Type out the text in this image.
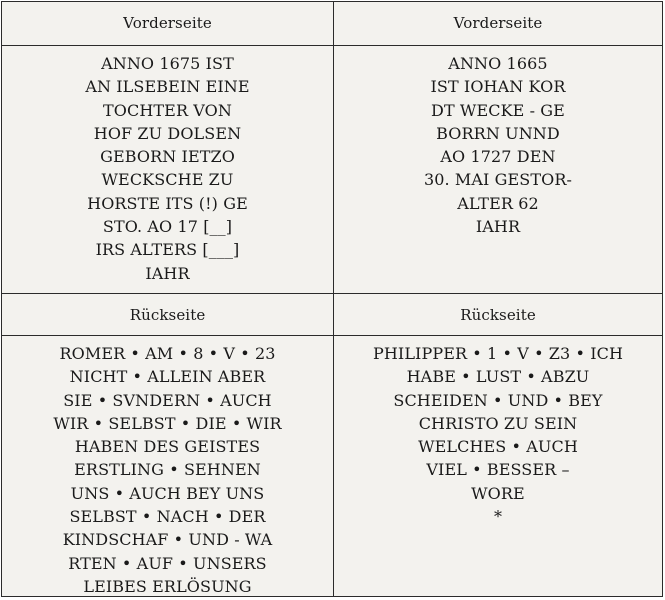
Vorderseite	Vorderseite
ANNO 1675 IST
AN ILSEBEIN EINE
TOCHTER VON
HOF ZU DOLSEN
GEBORN IETZO
WECKSCHE ZU
HORSTE ITS (!) GE
STO. AO 17 [__]
IRS ALTERS [___]
IAHR
ANNO 1665
IST IOHAN KOR
DT WECKE - GE
BORRN UNND
AO 1727 DEN
30. MAI GESTOR-
ALTER 62
IAHR
Rückseite	Rückseite
ROMER • AM • 8 • V • 23
NICHT • ALLEIN ABER
SIE • SVNDERN • AUCH
WIR • SELBST • DIE • WIR
HABEN DES GEISTES
ERSTLING • SEHNEN
UNS • AUCH BEY UNS
SELBST • NACH • DER
KINDSCHAF • UND - WA
RTEN • AUF • UNSERS
LEIBES ERLÖSUNG
PHILIPPER • 1 • V • Z3 • ICH
HABE • LUST • ABZU
SCHEIDEN • UND • BEY
CHRISTO ZU SEIN
WELCHES • AUCH
VIEL • BESSER –
WORE
*
